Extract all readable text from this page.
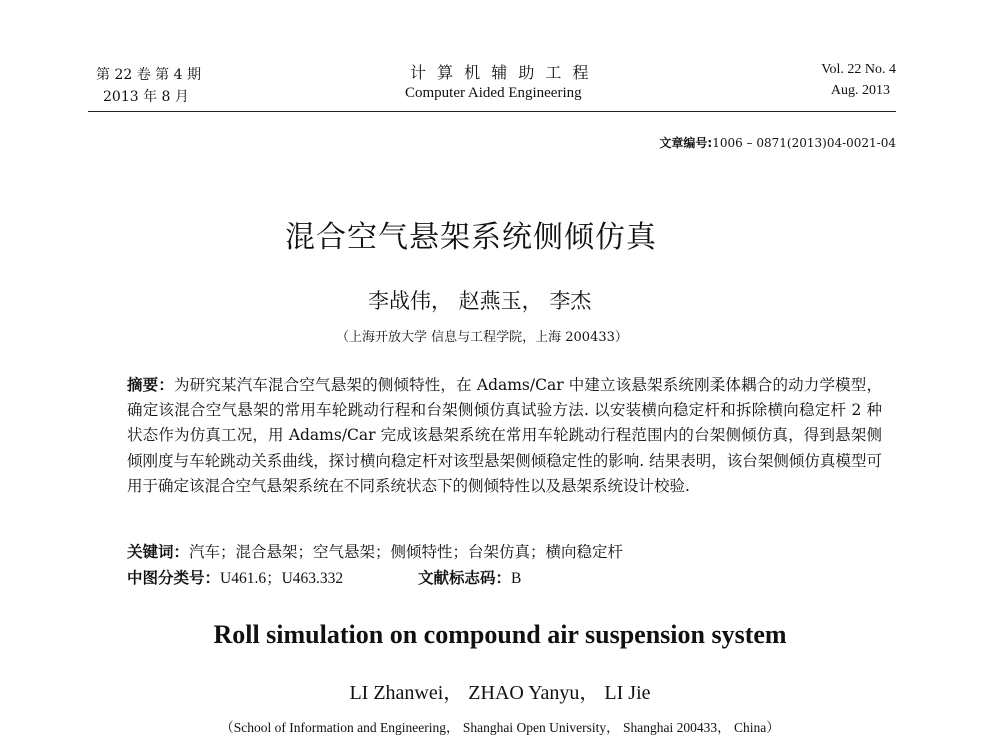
第 22 卷 第 4 期
2013 年 8 月
计 算 机 辅 助 工 程
Computer Aided Engineering
Vol. 22 No. 4
Aug. 2013
文章编号:1006 – 0871(2013)04-0021-04
混合空气悬架系统侧倾仿真
李战伟， 赵燕玉， 李杰
（上海开放大学 信息与工程学院，上海 200433）
摘要：为研究某汽车混合空气悬架的侧倾特性，在 Adams/Car 中建立该悬架系统刚柔体耦合的动力学模型，确定该混合空气悬架的常用车轮跳动行程和台架侧倾仿真试验方法. 以安装横向稳定杆和拆除横向稳定杆 2 种状态作为仿真工况，用 Adams/Car 完成该悬架系统在常用车轮跳动行程范围内的台架侧倾仿真，得到悬架侧倾刚度与车轮跳动关系曲线，探讨横向稳定杆对该型悬架侧倾稳定性的影响. 结果表明，该台架侧倾仿真模型可用于确定该混合空气悬架系统在不同系统状态下的侧倾特性以及悬架系统设计校验.
关键词：汽车；混合悬架；空气悬架；侧倾特性；台架仿真；横向稳定杆
中图分类号：U461.6；U463.332	文献标志码：B
Roll simulation on compound air suspension system
LI Zhanwei， ZHAO Yanyu， LI Jie
（School of Information and Engineering， Shanghai Open University， Shanghai 200433， China）
